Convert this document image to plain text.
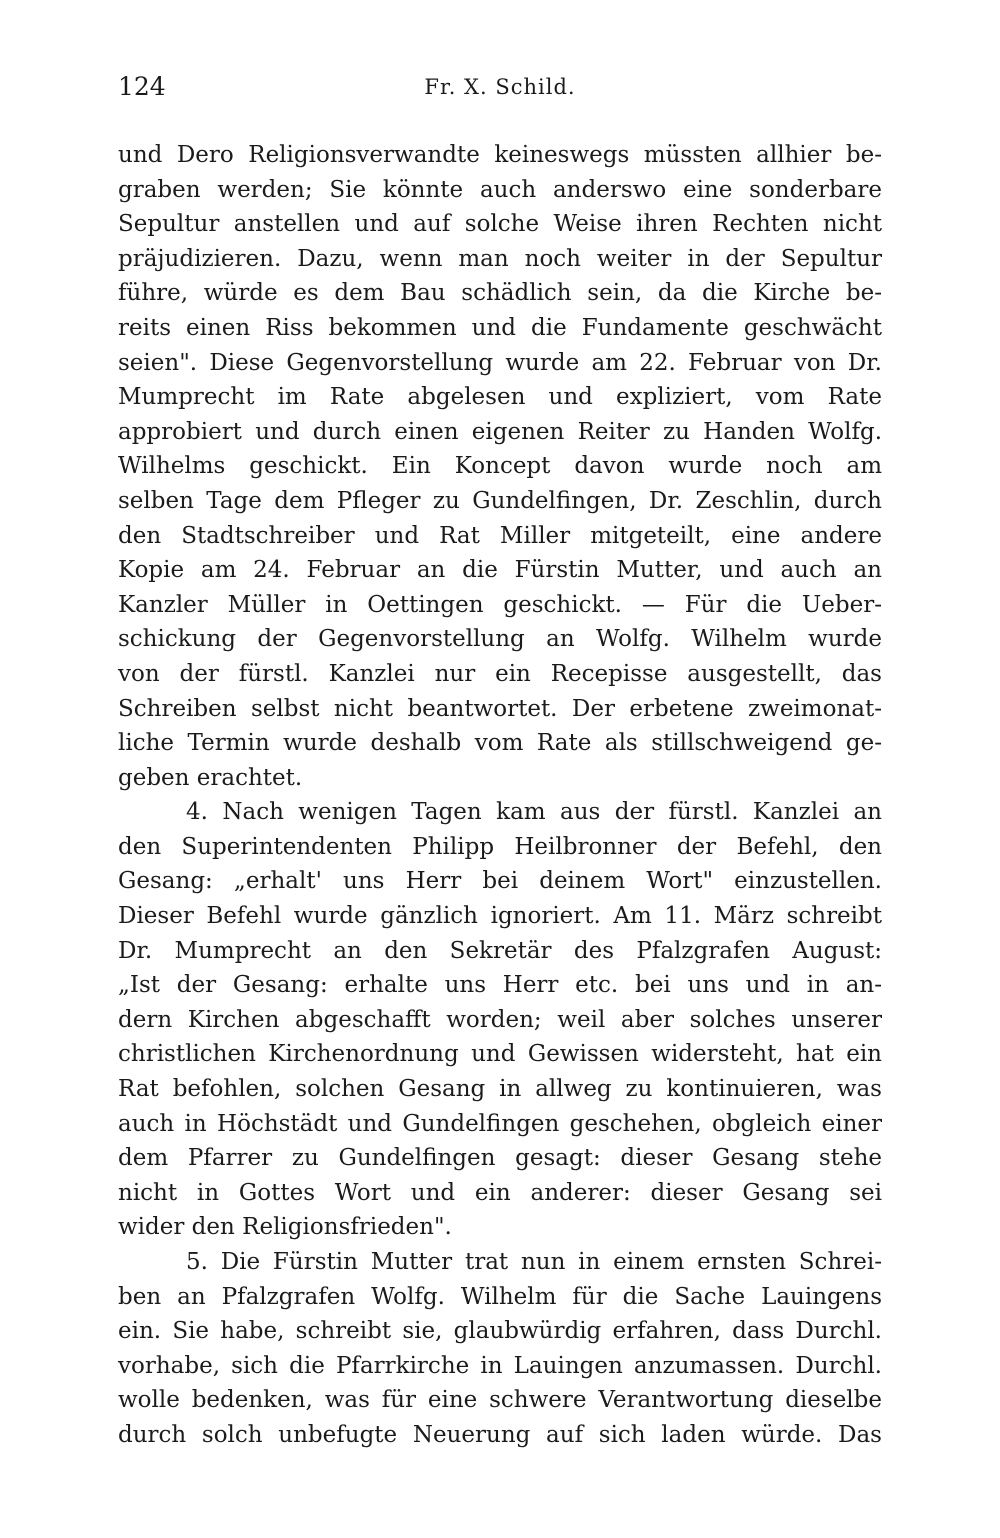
124	Fr. X. Schild.
und Dero Religionsverwandte keineswegs müssten allhier be-
graben werden; Sie könnte auch anderswo eine sonderbare
Sepultur anstellen und auf solche Weise ihren Rechten nicht
präjudizieren. Dazu, wenn man noch weiter in der Sepultur
führe, würde es dem Bau schädlich sein, da die Kirche be-
reits einen Riss bekommen und die Fundamente geschwächt
seien". Diese Gegenvorstellung wurde am 22. Februar von Dr.
Mumprecht im Rate abgelesen und expliziert, vom Rate
approbiert und durch einen eigenen Reiter zu Handen Wolfg.
Wilhelms geschickt. Ein Koncept davon wurde noch am
selben Tage dem Pfleger zu Gundelfingen, Dr. Zeschlin, durch
den Stadtschreiber und Rat Miller mitgeteilt, eine andere
Kopie am 24. Februar an die Fürstin Mutter, und auch an
Kanzler Müller in Oettingen geschickt. — Für die Ueber-
schickung der Gegenvorstellung an Wolfg. Wilhelm wurde
von der fürstl. Kanzlei nur ein Recepisse ausgestellt, das
Schreiben selbst nicht beantwortet. Der erbetene zweimonat-
liche Termin wurde deshalb vom Rate als stillschweigend ge-
geben erachtet.
4. Nach wenigen Tagen kam aus der fürstl. Kanzlei an
den Superintendenten Philipp Heilbronner der Befehl, den
Gesang: „erhalt' uns Herr bei deinem Wort" einzustellen.
Dieser Befehl wurde gänzlich ignoriert. Am 11. März schreibt
Dr. Mumprecht an den Sekretär des Pfalzgrafen August:
„Ist der Gesang: erhalte uns Herr etc. bei uns und in an-
dern Kirchen abgeschafft worden; weil aber solches unserer
christlichen Kirchenordnung und Gewissen widersteht, hat ein
Rat befohlen, solchen Gesang in allweg zu kontinuieren, was
auch in Höchstädt und Gundelfingen geschehen, obgleich einer
dem Pfarrer zu Gundelfingen gesagt: dieser Gesang stehe
nicht in Gottes Wort und ein anderer: dieser Gesang sei
wider den Religionsfrieden".
5. Die Fürstin Mutter trat nun in einem ernsten Schrei-
ben an Pfalzgrafen Wolfg. Wilhelm für die Sache Lauingens
ein. Sie habe, schreibt sie, glaubwürdig erfahren, dass Durchl.
vorhabe, sich die Pfarrkirche in Lauingen anzumassen. Durchl.
wolle bedenken, was für eine schwere Verantwortung dieselbe
durch solch unbefugte Neuerung auf sich laden würde. Das
